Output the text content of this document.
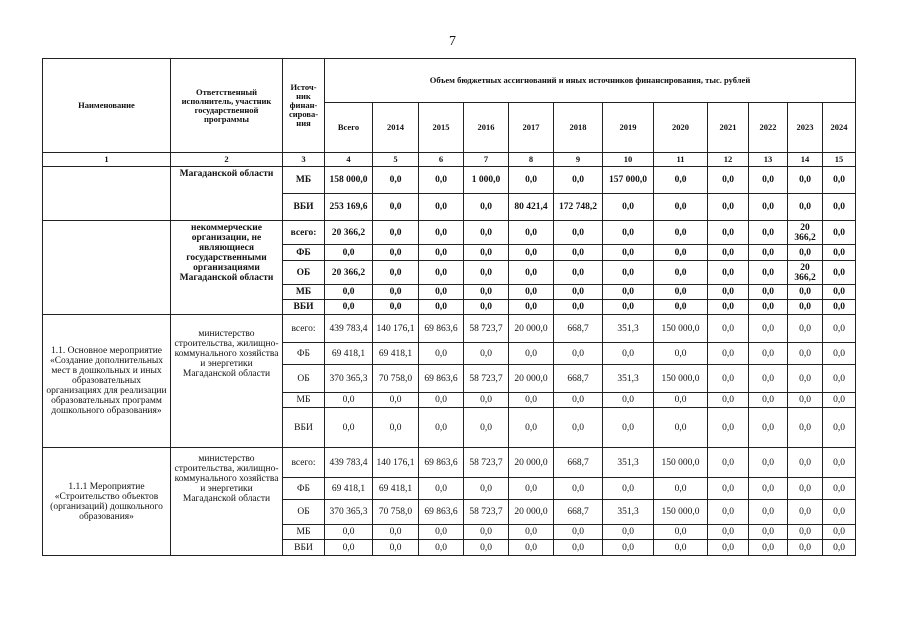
7
Наименование	Ответственный исполнитель, участник государственной программы	Источ-ник финан-сирова-ния	Объем бюджетных ассигнований и иных источников финансирования, тыс. рублей											
			Всего	2014	2015	2016	2017	2018	2019	2020	2021	2022	2023	2024
1	2	3	4	5	6	7	8	9	10	11	12	13	14	15
	Магаданской области	МБ	158 000,0	0,0	0,0	1 000,0	0,0	0,0	157 000,0	0,0	0,0	0,0	0,0	0,0
		ВБИ	253 169,6	0,0	0,0	0,0	80 421,4	172 748,2	0,0	0,0	0,0	0,0	0,0	0,0
	некоммерческие организации, не являющиеся государственными организациями Магаданской области	всего:	20 366,2	0,0	0,0	0,0	0,0	0,0	0,0	0,0	0,0	0,0	20 366,2	0,0
		ФБ	0,0	0,0	0,0	0,0	0,0	0,0	0,0	0,0	0,0	0,0	0,0	0,0
		ОБ	20 366,2	0,0	0,0	0,0	0,0	0,0	0,0	0,0	0,0	0,0	20 366,2	0,0
		МБ	0,0	0,0	0,0	0,0	0,0	0,0	0,0	0,0	0,0	0,0	0,0	0,0
		ВБИ	0,0	0,0	0,0	0,0	0,0	0,0	0,0	0,0	0,0	0,0	0,0	0,0
1.1. Основное мероприятие «Создание дополнительных мест в дошкольных и иных образовательных организациях для реализации образовательных программ дошкольного образования»	министерство строительства, жилищно-коммунального хозяйства и энергетики Магаданской области	всего:	439 783,4	140 176,1	69 863,6	58 723,7	20 000,0	668,7	351,3	150 000,0	0,0	0,0	0,0	0,0
		ФБ	69 418,1	69 418,1	0,0	0,0	0,0	0,0	0,0	0,0	0,0	0,0	0,0	0,0
		ОБ	370 365,3	70 758,0	69 863,6	58 723,7	20 000,0	668,7	351,3	150 000,0	0,0	0,0	0,0	0,0
		МБ	0,0	0,0	0,0	0,0	0,0	0,0	0,0	0,0	0,0	0,0	0,0	0,0
		ВБИ	0,0	0,0	0,0	0,0	0,0	0,0	0,0	0,0	0,0	0,0	0,0	0,0
1.1.1 Мероприятие «Строительство объектов (организаций) дошкольного образования»	министерство строительства, жилищно-коммунального хозяйства и энергетики Магаданской области	всего:	439 783,4	140 176,1	69 863,6	58 723,7	20 000,0	668,7	351,3	150 000,0	0,0	0,0	0,0	0,0
		ФБ	69 418,1	69 418,1	0,0	0,0	0,0	0,0	0,0	0,0	0,0	0,0	0,0	0,0
		ОБ	370 365,3	70 758,0	69 863,6	58 723,7	20 000,0	668,7	351,3	150 000,0	0,0	0,0	0,0	0,0
		МБ	0,0	0,0	0,0	0,0	0,0	0,0	0,0	0,0	0,0	0,0	0,0	0,0
		ВБИ	0,0	0,0	0,0	0,0	0,0	0,0	0,0	0,0	0,0	0,0	0,0	0,0
